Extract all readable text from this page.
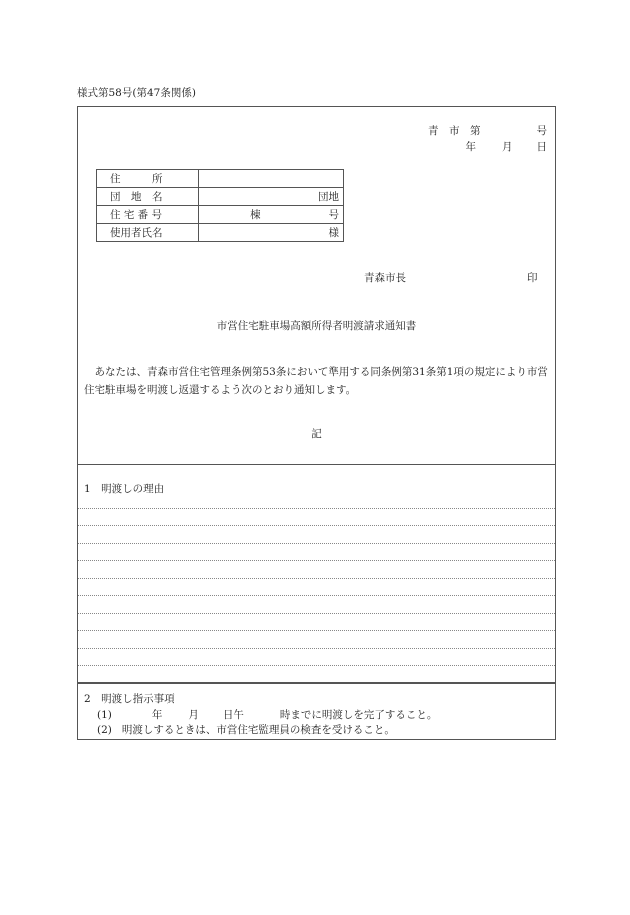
様式第58号(第47条関係)
青　市　第	号
年 月 日
住　　　所	
団　地　名	団地
住 宅 番 号	棟 号
使用者氏名	様
青森市長	印
市営住宅駐車場高額所得者明渡請求通知書
あなたは、青森市営住宅管理条例第53条において準用する同条例第31条第1項の規定により市営住宅駐車場を明渡し返還するよう次のとおり通知します。
記
1　明渡しの理由
2　明渡し指示事項
(1)	年 月 日午	時までに明渡しを完了すること。
(2) 明渡しするときは、市営住宅監理員の検査を受けること。
